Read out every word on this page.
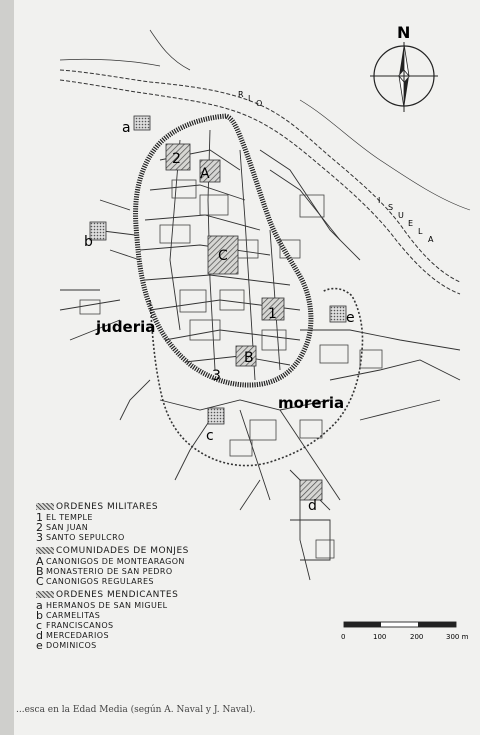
N
R I
O
I
S
U
E
L
A
juderia
moreria
1
2
3
A
B
C
a
b
c
d
e
0	100	200	300 m
ORDENES MILITARES
1 EL TEMPLE
2 SAN JUAN
3 SANTO SEPULCRO
COMUNIDADES DE MONJES
A CANONIGOS DE MONTEARAGON
B MONASTERIO DE SAN PEDRO
C CANONIGOS REGULARES
ORDENES MENDICANTES
a HERMANOS DE SAN MIGUEL
b CARMELITAS
c FRANCISCANOS
d MERCEDARIOS
e DOMINICOS
...esca en la Edad Media (según A. Naval y J. Naval).
